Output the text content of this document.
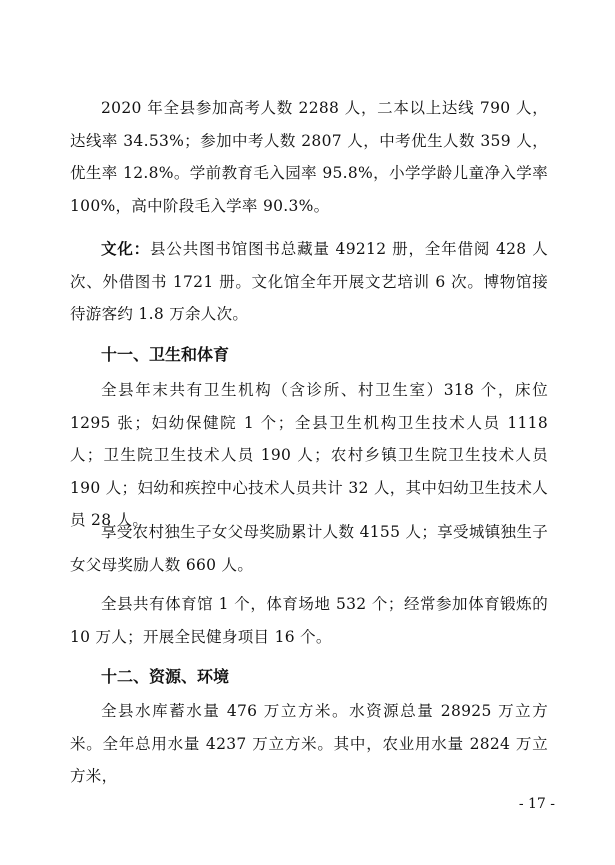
2020 年全县参加高考人数 2288 人，二本以上达线 790 人，达线率 34.53%；参加中考人数 2807 人，中考优生人数 359 人，优生率 12.8%。学前教育毛入园率 95.8%，小学学龄儿童净入学率 100%，高中阶段毛入学率 90.3%。

文化：县公共图书馆图书总藏量 49212 册，全年借阅 428 人次、外借图书 1721 册。文化馆全年开展文艺培训 6 次。博物馆接待游客约 1.8 万余人次。

十一、卫生和体育

全县年末共有卫生机构（含诊所、村卫生室）318 个，床位 1295 张；妇幼保健院 1 个；全县卫生机构卫生技术人员 1118 人；卫生院卫生技术人员 190 人；农村乡镇卫生院卫生技术人员 190 人；妇幼和疾控中心技术人员共计 32 人，其中妇幼卫生技术人员 28 人。

享受农村独生子女父母奖励累计人数 4155 人；享受城镇独生子女父母奖励人数 660 人。

全县共有体育馆 1 个，体育场地 532 个；经常参加体育锻炼的 10 万人；开展全民健身项目 16 个。

十二、资源、环境

全县水库蓄水量 476 万立方米。水资源总量 28925 万立方米。全年总用水量 4237 万立方米。其中，农业用水量 2824 万立方米，

- 17 -
